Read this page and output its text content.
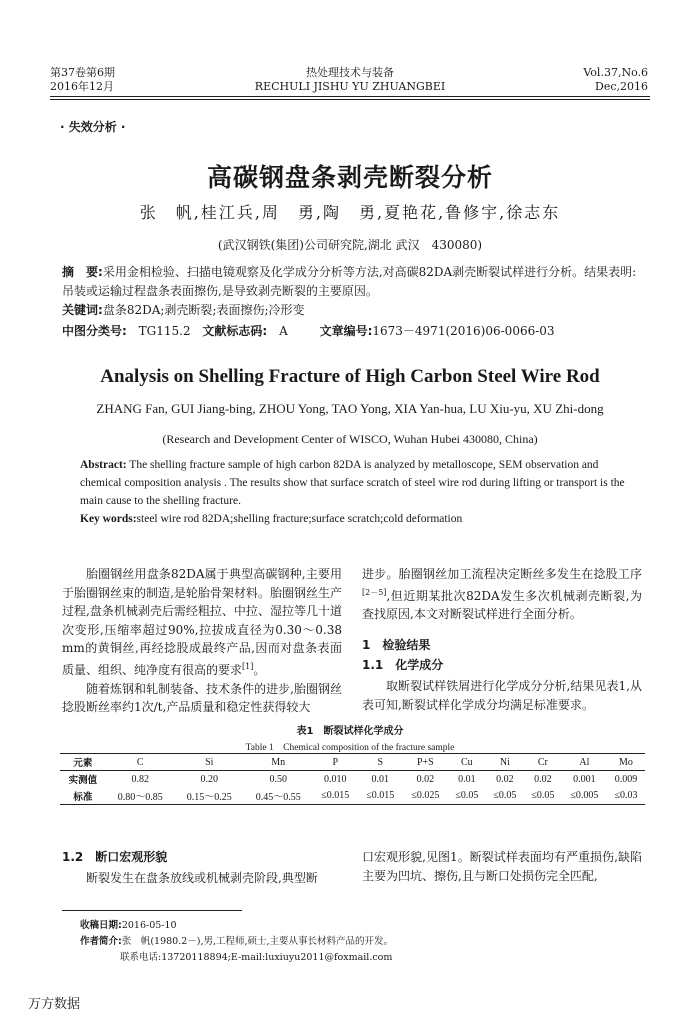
第37卷第6期
2016年12月
热处理技术与装备
RECHULI JISHU YU ZHUANGBEI
Vol.37,No.6
Dec,2016
· 失效分析 ·
高碳钢盘条剥壳断裂分析
张　帆,桂江兵,周　勇,陶　勇,夏艳花,鲁修宇,徐志东
(武汉钢铁(集团)公司研究院,湖北 武汉　430080)
摘　要:采用金相检验、扫描电镜观察及化学成分分析等方法,对高碳82DA剥壳断裂试样进行分析。结果表明:吊装或运输过程盘条表面擦伤,是导致剥壳断裂的主要原因。
关键词:盘条82DA;剥壳断裂;表面擦伤;冷形变
中图分类号: TG115.2 文献标志码: A	文章编号:1673－4971(2016)06-0066-03
Analysis on Shelling Fracture of High Carbon Steel Wire Rod
ZHANG Fan, GUI Jiang-bing, ZHOU Yong, TAO Yong, XIA Yan-hua, LU Xiu-yu, XU Zhi-dong
(Research and Development Center of WISCO, Wuhan Hubei 430080, China)
Abstract: The shelling fracture sample of high carbon 82DA is analyzed by metalloscope, SEM observation and chemical composition analysis . The results show that surface scratch of steel wire rod during lifting or transport is the main cause to the shelling fracture.
Key words:steel wire rod 82DA;shelling fracture;surface scratch;cold deformation

胎圈钢丝用盘条82DA属于典型高碳钢种,主要用于胎圈钢丝束的制造,是轮胎骨架材料。胎圈钢丝生产过程,盘条机械剥壳后需经粗拉、中拉、湿拉等几十道次变形,压缩率超过90%,拉拔成直径为0.30～0.38 mm的黄铜丝,再经捻股成最终产品,因而对盘条表面质量、组织、纯净度有很高的要求[1]。

随着炼钢和轧制装备、技术条件的进步,胎圈钢丝捻股断丝率约1次/t,产品质量和稳定性获得较大

进步。胎圈钢丝加工流程决定断丝多发生在捻股工序[2－5],但近期某批次82DA发生多次机械剥壳断裂,为查找原因,本文对断裂试样进行全面分析。

1　检验结果
1.1　化学成分

取断裂试样铁屑进行化学成分分析,结果见表1,从表可知,断裂试样化学成分均满足标准要求。

表1　断裂试样化学成分
Table 1　Chemical composition of the fracture sample
元素	C	Si	Mn	P	S	P+S	Cu	Ni	Cr	Al	Mo
实测值	0.82	0.20	0.50	0.010	0.01	0.02	0.01	0.02	0.02	0.001	0.009
标准	0.80～0.85	0.15～0.25	0.45～0.55	≤0.015	≤0.015	≤0.025	≤0.05	≤0.05	≤0.05	≤0.005	≤0.03
1.2　断口宏观形貌

断裂发生在盘条放线或机械剥壳阶段,典型断

口宏观形貌,见图1。断裂试样表面均有严重损伤,缺陷主要为凹坑、擦伤,且与断口处损伤完全匹配,

收稿日期:2016-05-10
作者简介:张　帆(1980.2－),男,工程师,硕士,主要从事长材料产品的开发。
联系电话:13720118894;E-mail:luxiuyu2011@foxmail.com
万方数据
